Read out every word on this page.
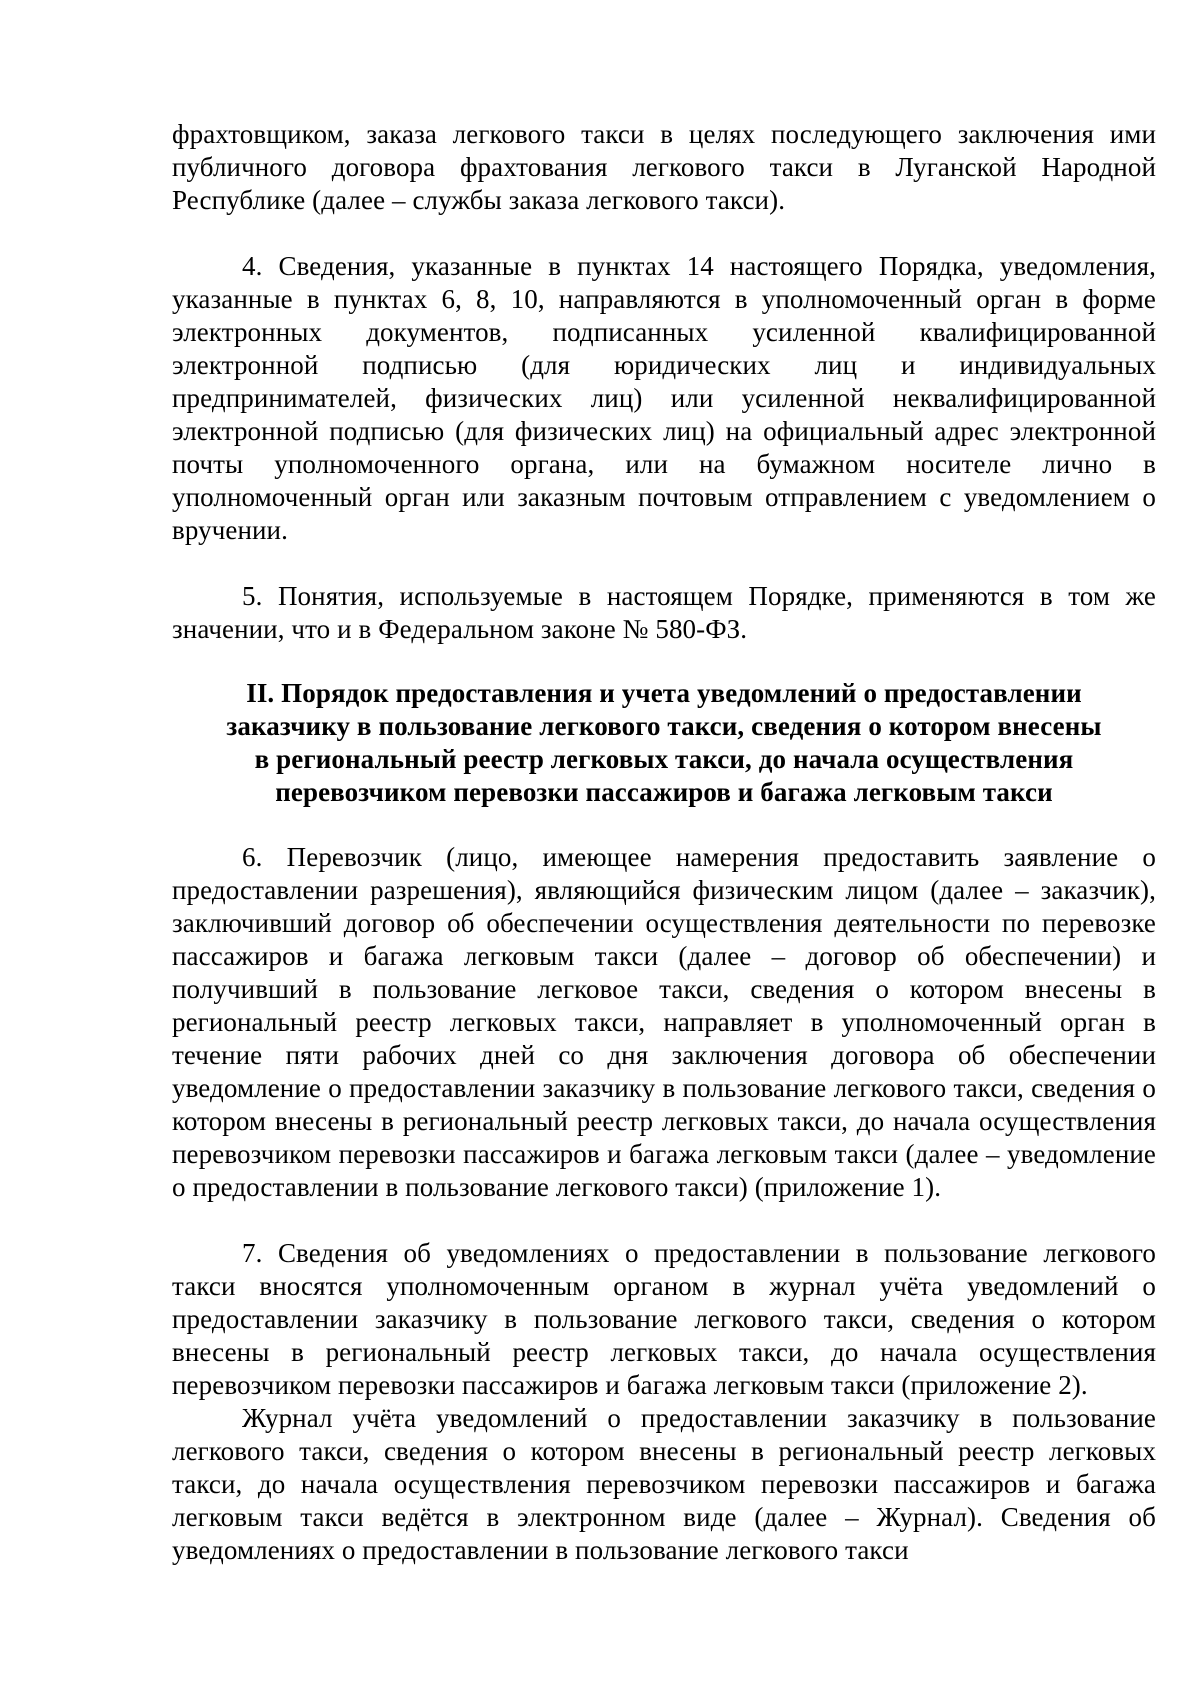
фрахтовщиком, заказа легкового такси в целях последующего заключения ими публичного договора фрахтования легкового такси в Луганской Народной Республике (далее – службы заказа легкового такси).

4. Сведения, указанные в пунктах 14 настоящего Порядка, уведомления, указанные в пунктах 6, 8, 10, направляются в уполномоченный орган в форме электронных документов, подписанных усиленной квалифицированной электронной подписью (для юридических лиц и индивидуальных предпринимателей, физических лиц) или усиленной неквалифицированной электронной подписью (для физических лиц) на официальный адрес электронной почты уполномоченного органа, или на бумажном носителе лично в уполномоченный орган или заказным почтовым отправлением с уведомлением о вручении.

5. Понятия, используемые в настоящем Порядке, применяются в том же значении, что и в Федеральном законе № 580-ФЗ.

II. Порядок предоставления и учета уведомлений о предоставлении
заказчику в пользование легкового такси, сведения о котором внесены
в региональный реестр легковых такси, до начала осуществления
перевозчиком перевозки пассажиров и багажа легковым такси

6. Перевозчик (лицо, имеющее намерения предоставить заявление о предоставлении разрешения), являющийся физическим лицом (далее – заказчик), заключивший договор об обеспечении осуществления деятельности по перевозке пассажиров и багажа легковым такси (далее – договор об обеспечении) и получивший в пользование легковое такси, сведения о котором внесены в региональный реестр легковых такси, направляет в уполномоченный орган в течение пяти рабочих дней со дня заключения договора об обеспечении уведомление о предоставлении заказчику в пользование легкового такси, сведения о котором внесены в региональный реестр легковых такси, до начала осуществления перевозчиком перевозки пассажиров и багажа легковым такси (далее – уведомление о предоставлении в пользование легкового такси) (приложение 1).

7. Сведения об уведомлениях о предоставлении в пользование легкового такси вносятся уполномоченным органом в журнал учёта уведомлений о предоставлении заказчику в пользование легкового такси, сведения о котором внесены в региональный реестр легковых такси, до начала осуществления перевозчиком перевозки пассажиров и багажа легковым такси (приложение 2).

Журнал учёта уведомлений о предоставлении заказчику в пользование легкового такси, сведения о котором внесены в региональный реестр легковых такси, до начала осуществления перевозчиком перевозки пассажиров и багажа легковым такси ведётся в электронном виде (далее – Журнал). Сведения об уведомлениях о предоставлении в пользование легкового такси
